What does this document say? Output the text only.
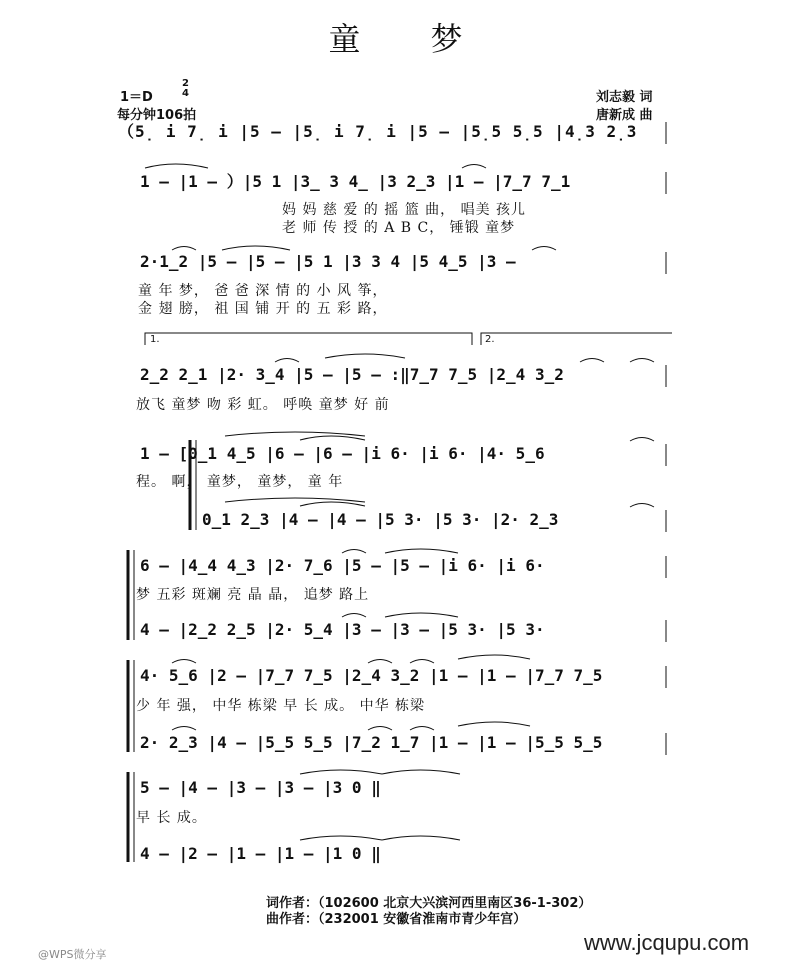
童　　梦
1＝D
2
4
每分钟106拍
刘志毅 词
唐新成 曲
（5̣ i 7̣ i |5 – |5̣ i 7̣ i |5 – |5̣5 5̣5 |4̣3 2̣3
1 – |1 – ）|5 1 |3̲ 3 4̲ |3 2̲3 |1 – |7̲7 7̲1
妈 妈 慈 爱 的 摇 篮 曲， 唱美 孩儿
老 师 传 授 的 A B C， 锤锻 童梦
2·1̲2 |5 – |5 – |5 1 |3 3 4 |5 4̲5 |3 –
童 年 梦， 爸 爸 深 情 的 小 风 筝，
金 翅 膀， 祖 国 铺 开 的 五 彩 路，
1.	2.
2̲2 2̲1 |2· 3̲4 |5 – |5 – :‖7̲7 7̲5 |2̲4 3̲2
放飞 童梦 吻 彩 虹。 呼唤 童梦 好 前
1 – [0̲1 4̲5 |6 – |6 – |i 6· |i 6· |4· 5̲6
程。 啊， 童梦， 童梦， 童 年
0̲1 2̲3 |4 – |4 – |5 3· |5 3· |2· 2̲3
6 – |4̲4 4̲3 |2· 7̲6 |5 – |5 – |i 6· |i 6·
梦 五彩 斑斓 亮 晶 晶， 追梦 路上
4 – |2̲2 2̲5 |2· 5̲4 |3 – |3 – |5 3· |5 3·
4· 5̲6 |2 – |7̲7 7̲5 |2̲4 3̲2 |1 – |1 – |7̲7 7̲5
少 年 强， 中华 栋梁 早 长 成。 中华 栋梁
2· 2̲3 |4 – |5̲5 5̲5 |7̲2 1̲7 |1 – |1 – |5̲5 5̲5
5 – |4 – |3 – |3 – |3 0 ‖
早 长 成。
4 – |2 – |1 – |1 – |1 0 ‖
词作者：（102600 北京大兴滨河西里南区36-1-302）
曲作者：（232001 安徽省淮南市青少年宫）
@WPS微分享	www.jcqupu.com
